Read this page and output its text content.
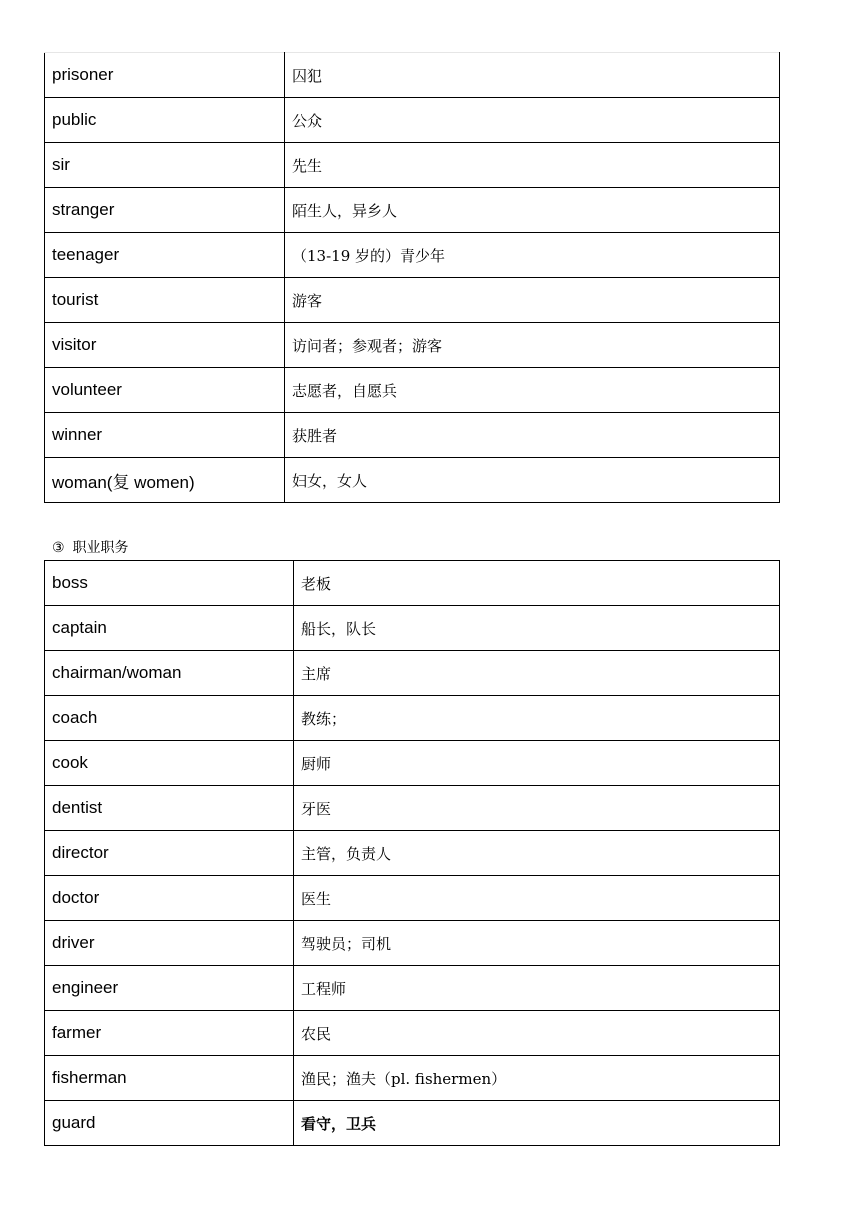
prisoner	囚犯
public	公众
sir	先生
stranger	陌生人，异乡人
teenager	（13-19 岁的）青少年
tourist	游客
visitor	访问者；参观者；游客
volunteer	志愿者，自愿兵
winner	获胜者
woman(复 women)	妇女，女人
③ 职业职务
boss	老板
captain	船长，队长
chairman/woman	主席
coach	教练；
cook	厨师
dentist	牙医
director	主管，负责人
doctor	医生
driver	驾驶员；司机
engineer	工程师
farmer	农民
fisherman	渔民；渔夫（pl. fishermen）
guard	看守，卫兵
